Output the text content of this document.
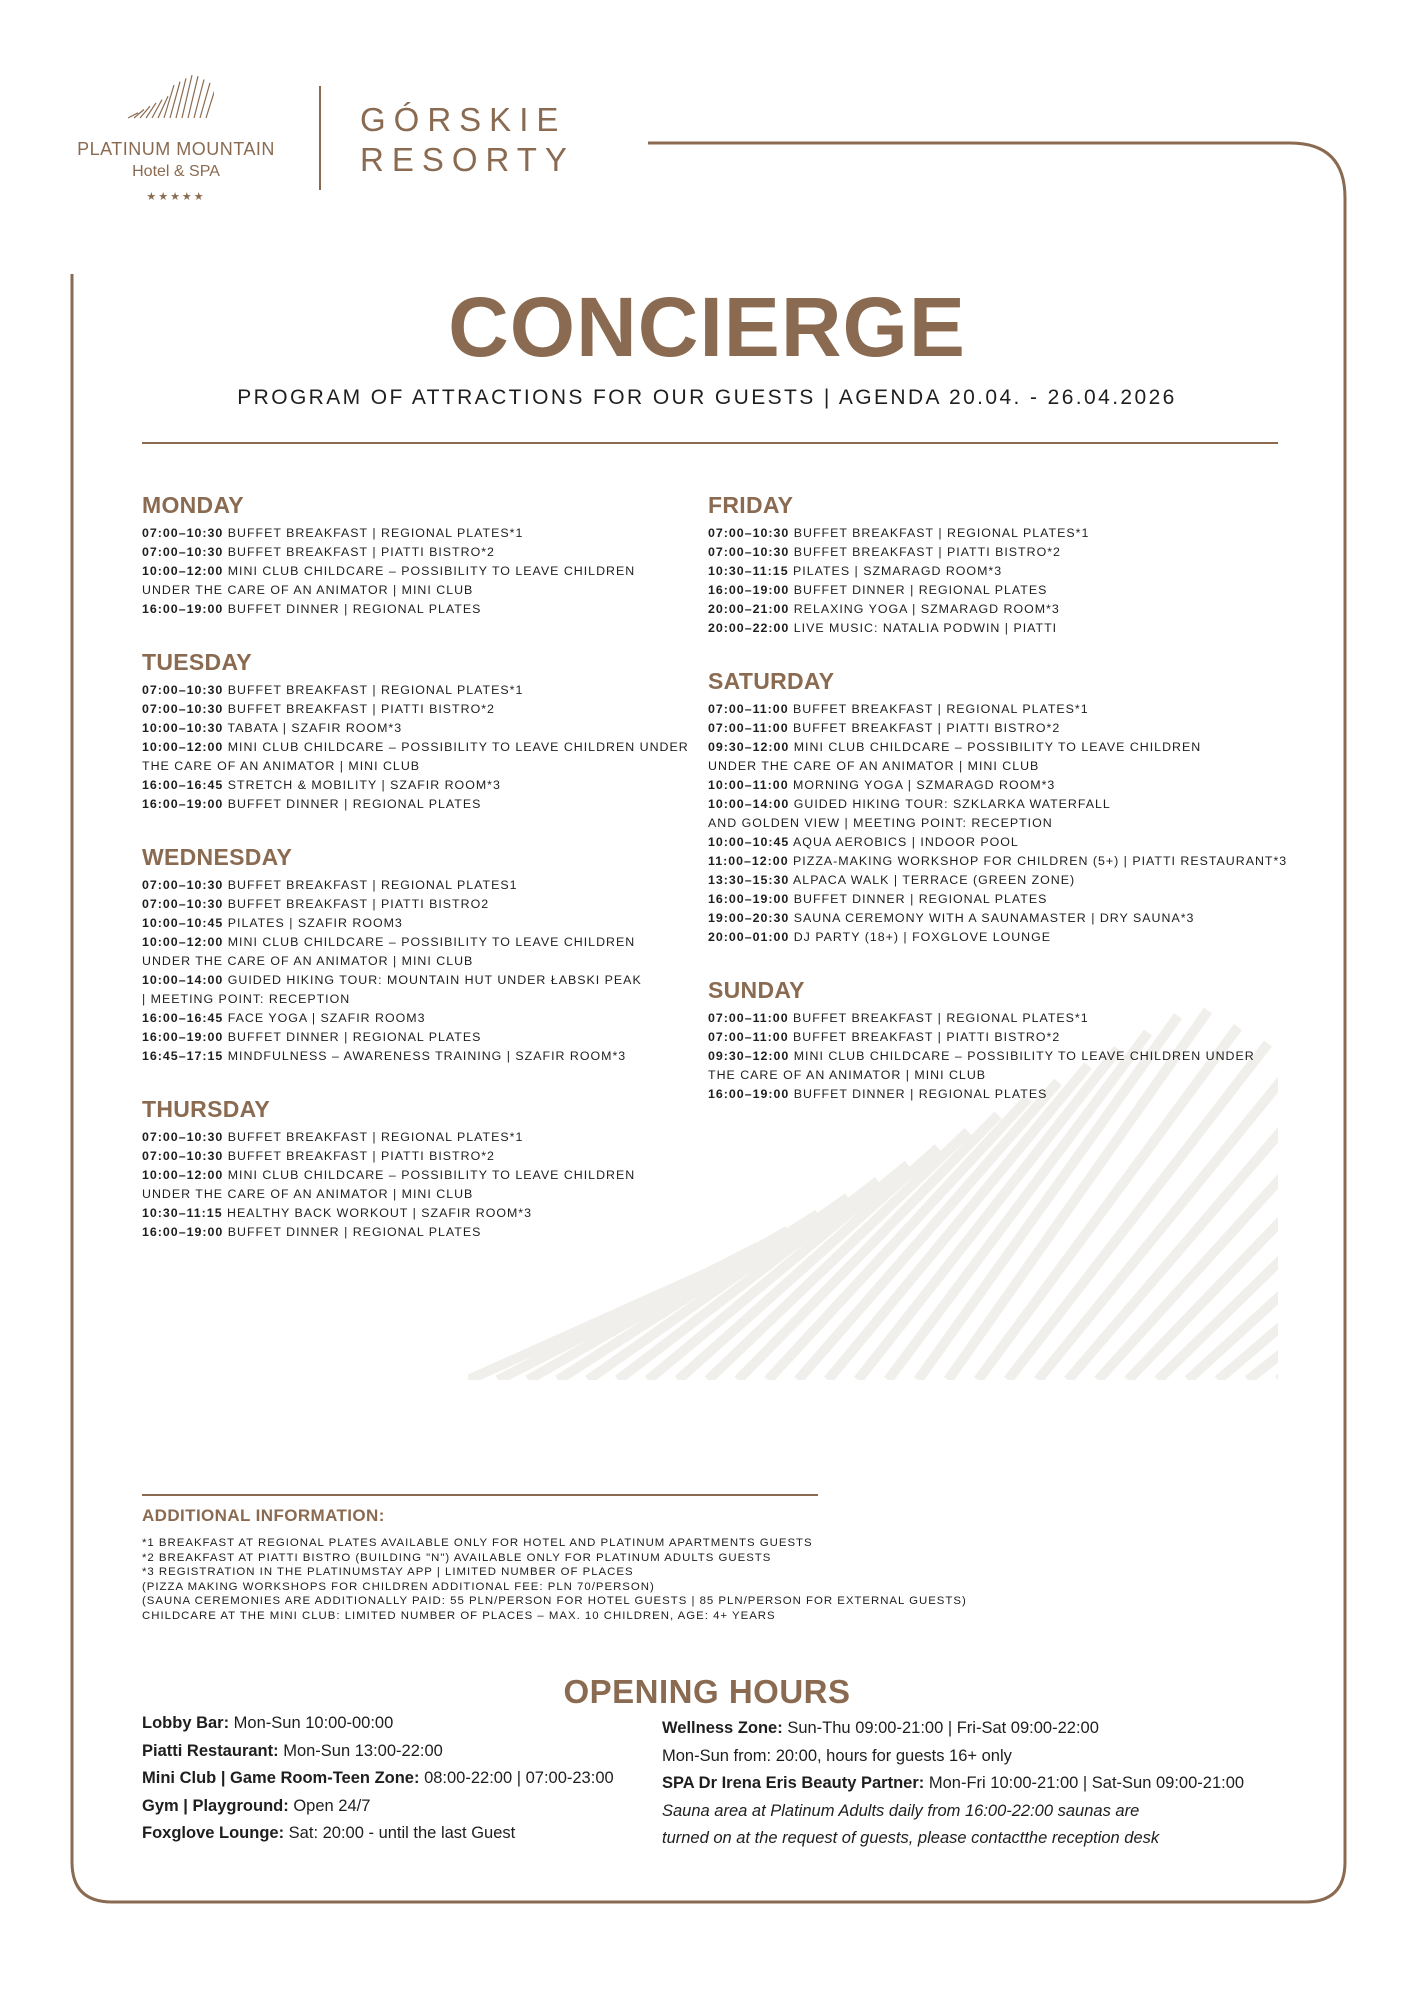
PLATINUM MOUNTAIN
Hotel & SPA
★★★★★
GÓRSKIE
RESORTY
CONCIERGE
PROGRAM OF ATTRACTIONS FOR OUR GUESTS | AGENDA 20.04. - 26.04.2026
MONDAY
07:00–10:30 BUFFET BREAKFAST | REGIONAL PLATES*1
07:00–10:30 BUFFET BREAKFAST | PIATTI BISTRO*2
10:00–12:00 MINI CLUB CHILDCARE – POSSIBILITY TO LEAVE CHILDREN
UNDER THE CARE OF AN ANIMATOR | MINI CLUB
16:00–19:00 BUFFET DINNER | REGIONAL PLATES
TUESDAY
07:00–10:30 BUFFET BREAKFAST | REGIONAL PLATES*1
07:00–10:30 BUFFET BREAKFAST | PIATTI BISTRO*2
10:00–10:30 TABATA | SZAFIR ROOM*3
10:00–12:00 MINI CLUB CHILDCARE – POSSIBILITY TO LEAVE CHILDREN UNDER
THE CARE OF AN ANIMATOR | MINI CLUB
16:00–16:45 STRETCH & MOBILITY | SZAFIR ROOM*3
16:00–19:00 BUFFET DINNER | REGIONAL PLATES
WEDNESDAY
07:00–10:30 BUFFET BREAKFAST | REGIONAL PLATES1
07:00–10:30 BUFFET BREAKFAST | PIATTI BISTRO2
10:00–10:45 PILATES | SZAFIR ROOM3
10:00–12:00 MINI CLUB CHILDCARE – POSSIBILITY TO LEAVE CHILDREN
UNDER THE CARE OF AN ANIMATOR | MINI CLUB
10:00–14:00 GUIDED HIKING TOUR: MOUNTAIN HUT UNDER ŁABSKI PEAK
| MEETING POINT: RECEPTION
16:00–16:45 FACE YOGA | SZAFIR ROOM3
16:00–19:00 BUFFET DINNER | REGIONAL PLATES
16:45–17:15 MINDFULNESS – AWARENESS TRAINING | SZAFIR ROOM*3
THURSDAY
07:00–10:30 BUFFET BREAKFAST | REGIONAL PLATES*1
07:00–10:30 BUFFET BREAKFAST | PIATTI BISTRO*2
10:00–12:00 MINI CLUB CHILDCARE – POSSIBILITY TO LEAVE CHILDREN
UNDER THE CARE OF AN ANIMATOR | MINI CLUB
10:30–11:15 HEALTHY BACK WORKOUT | SZAFIR ROOM*3
16:00–19:00 BUFFET DINNER | REGIONAL PLATES
FRIDAY
07:00–10:30 BUFFET BREAKFAST | REGIONAL PLATES*1
07:00–10:30 BUFFET BREAKFAST | PIATTI BISTRO*2
10:30–11:15 PILATES | SZMARAGD ROOM*3
16:00–19:00 BUFFET DINNER | REGIONAL PLATES
20:00–21:00 RELAXING YOGA | SZMARAGD ROOM*3
20:00–22:00 LIVE MUSIC: NATALIA PODWIN | PIATTI
SATURDAY
07:00–11:00 BUFFET BREAKFAST | REGIONAL PLATES*1
07:00–11:00 BUFFET BREAKFAST | PIATTI BISTRO*2
09:30–12:00 MINI CLUB CHILDCARE – POSSIBILITY TO LEAVE CHILDREN
UNDER THE CARE OF AN ANIMATOR | MINI CLUB
10:00–11:00 MORNING YOGA | SZMARAGD ROOM*3
10:00–14:00 GUIDED HIKING TOUR: SZKLARKA WATERFALL
AND GOLDEN VIEW | MEETING POINT: RECEPTION
10:00–10:45 AQUA AEROBICS | INDOOR POOL
11:00–12:00 PIZZA-MAKING WORKSHOP FOR CHILDREN (5+) | PIATTI RESTAURANT*3
13:30–15:30 ALPACA WALK | TERRACE (GREEN ZONE)
16:00–19:00 BUFFET DINNER | REGIONAL PLATES
19:00–20:30 SAUNA CEREMONY WITH A SAUNAMASTER | DRY SAUNA*3
20:00–01:00 DJ PARTY (18+) | FOXGLOVE LOUNGE
SUNDAY
07:00–11:00 BUFFET BREAKFAST | REGIONAL PLATES*1
07:00–11:00 BUFFET BREAKFAST | PIATTI BISTRO*2
09:30–12:00 MINI CLUB CHILDCARE – POSSIBILITY TO LEAVE CHILDREN UNDER
THE CARE OF AN ANIMATOR | MINI CLUB
16:00–19:00 BUFFET DINNER | REGIONAL PLATES
ADDITIONAL INFORMATION:
*1 BREAKFAST AT REGIONAL PLATES AVAILABLE ONLY FOR HOTEL AND PLATINUM APARTMENTS GUESTS
*2 BREAKFAST AT PIATTI BISTRO (BUILDING "N") AVAILABLE ONLY FOR PLATINUM ADULTS GUESTS
*3 REGISTRATION IN THE PLATINUMSTAY APP | LIMITED NUMBER OF PLACES
(PIZZA MAKING WORKSHOPS FOR CHILDREN ADDITIONAL FEE: PLN 70/PERSON)
(SAUNA CEREMONIES ARE ADDITIONALLY PAID: 55 PLN/PERSON FOR HOTEL GUESTS | 85 PLN/PERSON FOR EXTERNAL GUESTS)
CHILDCARE AT THE MINI CLUB: LIMITED NUMBER OF PLACES – MAX. 10 CHILDREN, AGE: 4+ YEARS
OPENING HOURS
Lobby Bar: Mon-Sun 10:00-00:00
Piatti Restaurant: Mon-Sun 13:00-22:00
Mini Club | Game Room-Teen Zone: 08:00-22:00 | 07:00-23:00
Gym | Playground: Open 24/7
Foxglove Lounge: Sat: 20:00 - until the last Guest
Wellness Zone: Sun-Thu 09:00-21:00 | Fri-Sat 09:00-22:00
Mon-Sun from: 20:00, hours for guests 16+ only
SPA Dr Irena Eris Beauty Partner: Mon-Fri 10:00-21:00 | Sat-Sun 09:00-21:00
Sauna area at Platinum Adults daily from 16:00-22:00 saunas are
turned on at the request of guests, please contactthe reception desk
